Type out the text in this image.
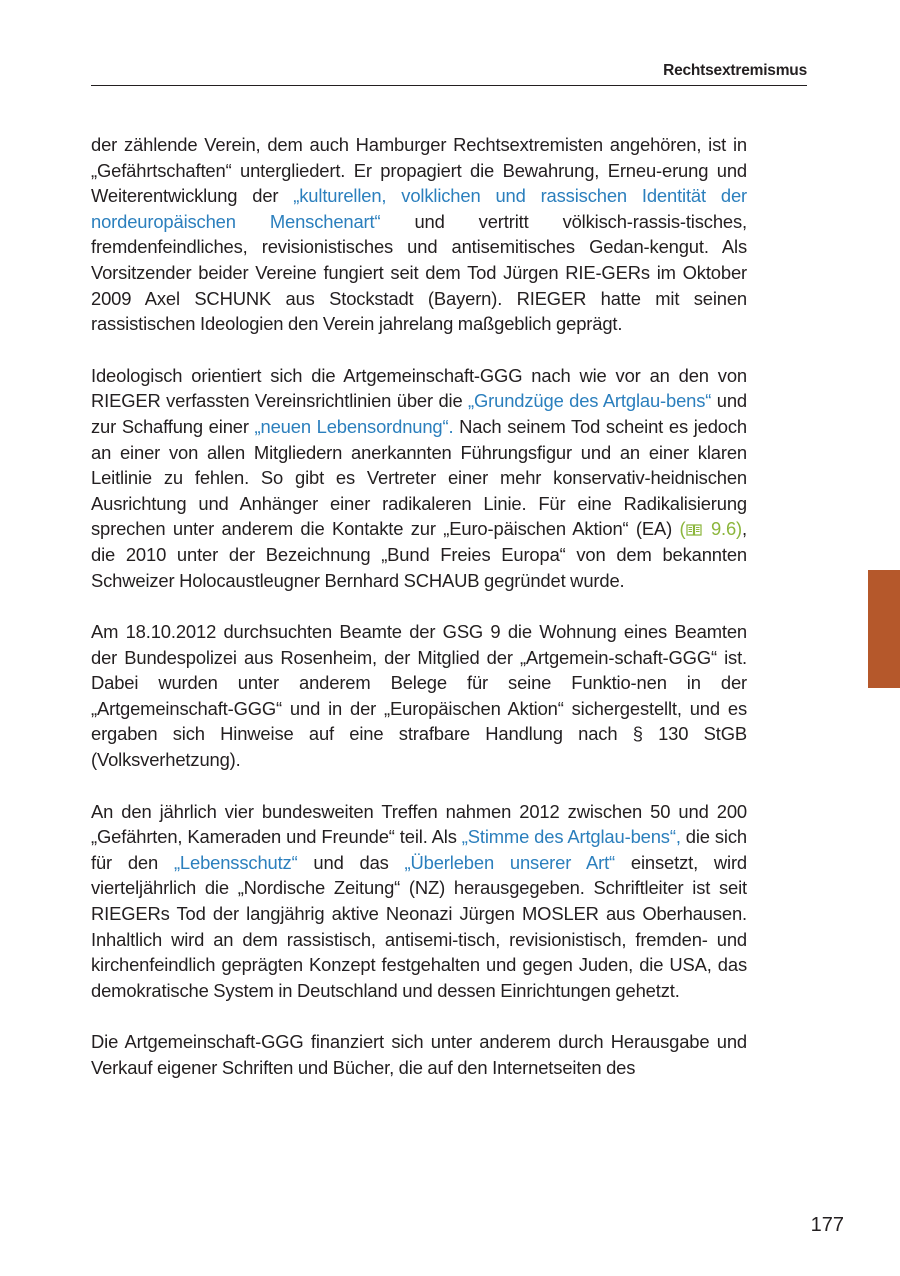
Rechtsextremismus

der zählende Verein, dem auch Hamburger Rechtsextremisten angehören, ist in „Gefährtschaften“ untergliedert. Er propagiert die Bewahrung, Erneu-erung und Weiterentwicklung der „kulturellen, volklichen und rassischen Identität der nordeuropäischen Menschenart“ und vertritt völkisch-rassis-tisches, fremdenfeindliches, revisionistisches und antisemitisches Gedan-kengut. Als Vorsitzender beider Vereine fungiert seit dem Tod Jürgen RIE-GERs im Oktober 2009 Axel SCHUNK aus Stockstadt (Bayern). RIEGER hatte mit seinen rassistischen Ideologien den Verein jahrelang maßgeblich geprägt.

Ideologisch orientiert sich die Artgemeinschaft-GGG nach wie vor an den von RIEGER verfassten Vereinsrichtlinien über die „Grundzüge des Artglau-bens“ und zur Schaffung einer „neuen Lebensordnung“. Nach seinem Tod scheint es jedoch an einer von allen Mitgliedern anerkannten Führungsfigur und an einer klaren Leitlinie zu fehlen. So gibt es Vertreter einer mehr konservativ-heidnischen Ausrichtung und Anhänger einer radikaleren Linie. Für eine Radikalisierung sprechen unter anderem die Kontakte zur „Euro-päischen Aktion“ (EA) ( 9.6), die 2010 unter der Bezeichnung „Bund Freies Europa“ von dem bekannten Schweizer Holocaustleugner Bernhard SCHAUB gegründet wurde.

Am 18.10.2012 durchsuchten Beamte der GSG 9 die Wohnung eines Beamten der Bundespolizei aus Rosenheim, der Mitglied der „Artgemein-schaft-GGG“ ist. Dabei wurden unter anderem Belege für seine Funktio-nen in der „Artgemeinschaft-GGG“ und in der „Europäischen Aktion“ sichergestellt, und es ergaben sich Hinweise auf eine strafbare Handlung nach § 130 StGB (Volksverhetzung).

An den jährlich vier bundesweiten Treffen nahmen 2012 zwischen 50 und 200 „Gefährten, Kameraden und Freunde“ teil. Als „Stimme des Artglau-bens“, die sich für den „Lebensschutz“ und das „Überleben unserer Art“ einsetzt, wird vierteljährlich die „Nordische Zeitung“ (NZ) herausgegeben. Schriftleiter ist seit RIEGERs Tod der langjährig aktive Neonazi Jürgen MOSLER aus Oberhausen. Inhaltlich wird an dem rassistisch, antisemi-tisch, revisionistisch, fremden- und kirchenfeindlich geprägten Konzept festgehalten und gegen Juden, die USA, das demokratische System in Deutschland und dessen Einrichtungen gehetzt.

Die Artgemeinschaft-GGG finanziert sich unter anderem durch Herausgabe und Verkauf eigener Schriften und Bücher, die auf den Internetseiten des

177
